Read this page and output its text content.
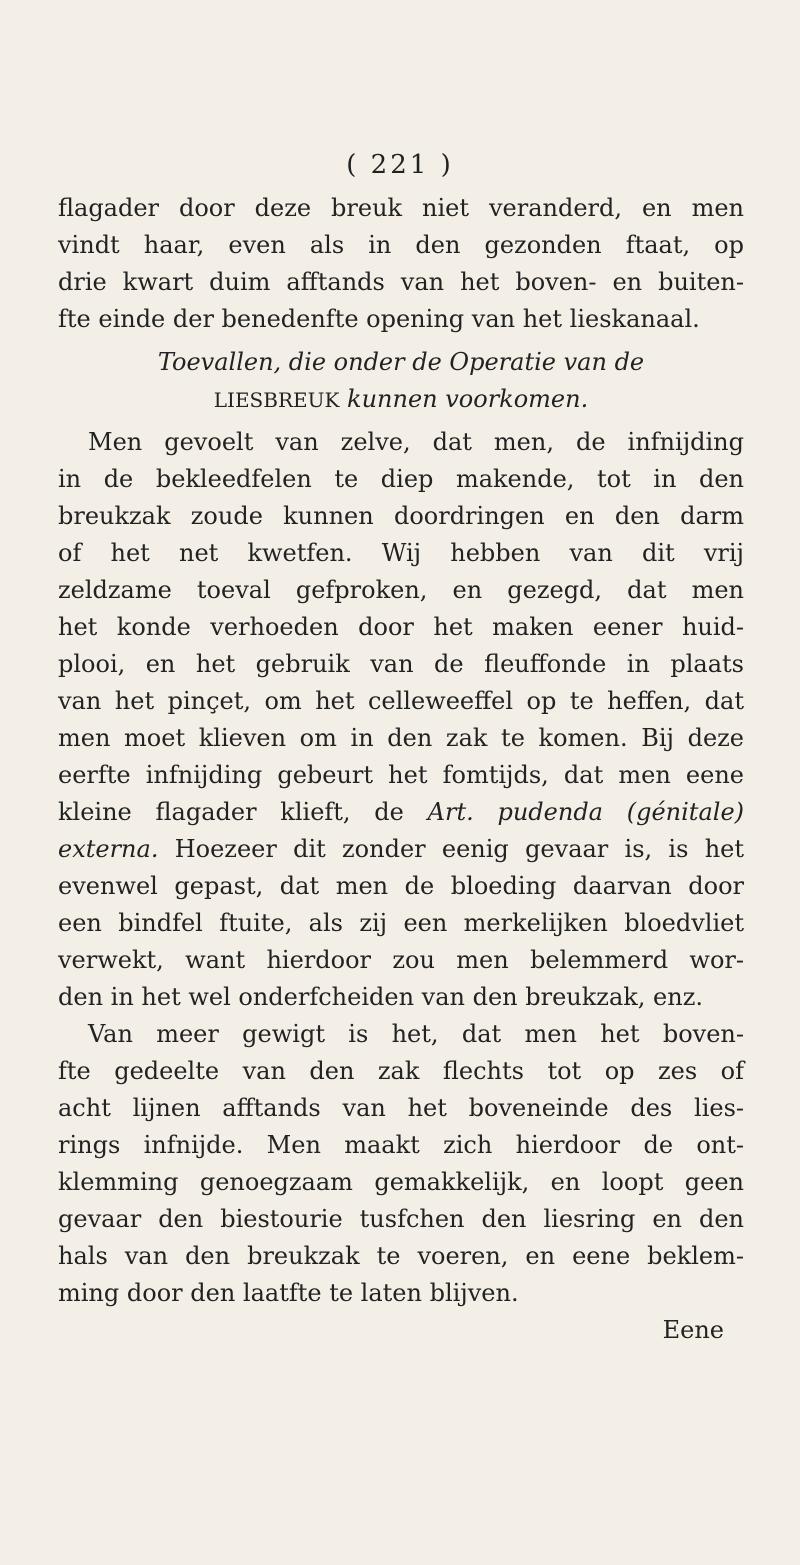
( 221 )
flagader door deze breuk niet veranderd, en men
vindt haar, even als in den gezonden ftaat, op
drie kwart duim afftands van het boven- en buiten-
fte einde der benedenfte opening van het lieskanaal.
Toevallen, die onder de Operatie van de
LIESBREUK kunnen voorkomen.
Men gevoelt van zelve, dat men, de infnijding
in de bekleedfelen te diep makende, tot in den
breukzak zoude kunnen doordringen en den darm
of het net kwetfen. Wij hebben van dit vrij
zeldzame toeval gefproken, en gezegd, dat men
het konde verhoeden door het maken eener huid-
plooi, en het gebruik van de fleuffonde in plaats
van het pinçet, om het celleweeffel op te heffen, dat
men moet klieven om in den zak te komen. Bij deze
eerfte infnijding gebeurt het fomtijds, dat men eene
kleine flagader klieft, de Art. pudenda (génitale)
externa. Hoezeer dit zonder eenig gevaar is, is het
evenwel gepast, dat men de bloeding daarvan door
een bindfel ftuite, als zij een merkelijken bloedvliet
verwekt, want hierdoor zou men belemmerd wor-
den in het wel onderfcheiden van den breukzak, enz.
Van meer gewigt is het, dat men het boven-
fte gedeelte van den zak flechts tot op zes of
acht lijnen afftands van het boveneinde des lies-
rings infnijde. Men maakt zich hierdoor de ont-
klemming genoegzaam gemakkelijk, en loopt geen
gevaar den biestourie tusfchen den liesring en den
hals van den breukzak te voeren, en eene beklem-
ming door den laatfte te laten blijven.
Eene
